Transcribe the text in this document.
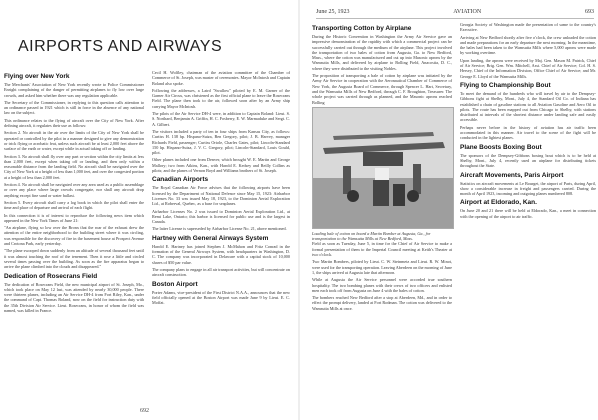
AIRPORTS AND AIRWAYS
Flying over New York
The Merchants' Association of New York recently wrote to Police Commissioner Enright complaining of the danger of permitting airplanes to fly low over large crowds, and asked him whether there was any regulation applicable.
The Secretary of the Commissioner, in replying to this question calls attention to an ordinance passed in 1921 which is still in force in the absence of any national law on the subject.
This ordinance relates to the flying of aircraft over the City of New York. After defining aircraft, it regulates their use as follows:
Section 2. No aircraft in the air over the limits of the City of New York shall be operated or controlled by the pilot in a manner designed to give any demonstration or trick flying or acrobatic feat, unless such aircraft be at least 2,000 feet above the surface of the earth or water, except while in actual taking off or landing.
Section 3. No aircraft shall fly over any part or section within the city limits at less than 2,000 feet, except when taking off or landing, and then only within a reasonable distance from the landing field. No aircraft shall be navigated over the City of New York at a height of less than 1,000 feet, and over the congested portion at a height of less than 2,000 feet.
Section 4. No aircraft shall be navigated over any area used as a public assemblage or over any place where large crowds congregate, nor shall any aircraft drop anything except fine sand or water ballast.
Section 5. Every aircraft shall carry a log book in which the pilot shall enter the time and place of departure and arrival of each flight.
In this connection it is of interest to reproduce the following news item which appeared in the New York Times of June 21:
"An airplane, flying so low over the Bronx that the roar of the exhaust drew the attention of the entire neighborhood to the building street where it was circling, was responsible for the discovery of fire in the basement house at Prospect Avenue and Crotona Park, early yesterday.
"The plane swooped down suddenly from an altitude of several thousand feet until it was almost touching the roof of the tenement. Then it rose a little and circled several times passing over the building. As soon as the fire apparatus began to arrive the plane climbed into the clouds and disappeared."
Dedication of Rosecrans Field
The dedication of Rosecrans Field, the new municipal airport of St. Joseph, Mo., which took place on May 12 last, was attended by nearly 30,000 people. There were thirteen planes, including an Air Service DH-4 from Fort Riley, Kan., under the command of Capt. Thomas Boland, now on the field for instruction duty with the 35th Division Air Service. Lieut. Rosecrans, in honor of whom the field was named, was killed in France.
Cecil H. Wolfley, chairman of the aviation committee of the Chamber of Commerce of St. Joseph, was master of ceremonies. Mayor McIntosh and Captain Boland also spoke.
Following the addresses, a Laird "Swallow" piloted by E. M. Garner of the Garner Air Circus, was christened as the first official plane to leave the Rosecrans Field. The plane then took to the air, followed soon after by an Army ship carrying Mayor McIntosh.
The pilots of the Air Service DH-4 were, in addition to Captain Boland: Lieut. S. S. Northard, Benjamin A. Griffin, H. C. Fosberry, E. W. Marmaduke and Sergt. C. A. Gilbert.
The visitors included a party of ten in four ships from Kansas City, as follows: Curtiss H. 138 hp. Hispano-Suiza, Ben Gregory, pilot; J. B. Harvey, manager Richards Field, passenger; Curtiss Oriole, Charles Gates, pilot; Lincoln-Standard 150 hp. Hispano-Suiza, J. V. C. Gregory, pilot; Lincoln-Standard, Louis Gould, pilot.
Other planes included one from Denver, which brought W. E. Martin and George Mallory; two from Atkins, Kan., with Harold E. Kedsey and Reilly Collins as pilots; and the planes of Vernon Boyd and Williams brothers of St. Joseph.
Canadian Airports
The Royal Canadian Air Force advises that the following airports have been licensed by the Department of National Defence since May 15, 1923: Airharbor Licenses No. 33 was issued May 18, 1923, to the Dominion Aerial Exploration Ltd., at Roberval, Quebec, as a base for seaplanes.
Airharbor Licenses No. 2 was issued to Dominion Aerial Exploration Ltd., at Remi Lake, Ontario; this harbor is licensed for public use and is the largest in Canada.
The latter License is superseded by Airharbor License No. 21, above mentioned.
Hartney with General Airways System
Harold E. Hartney has joined Stephen J. McMahon and Fritz Conrad in the formation of the General Airways System, with headquarters in Washington, D. C. The company was incorporated in Delaware with a capital stock of 10,000 shares of $50 par value.
The company plans to engage in all air transport activities, but will concentrate on aircraft construction.
Boston Airport
Porter Adams, vice-president of the First District N.A.A., announces that the new field officially opened at the Boston Airport was made June 9 by Lieut. E. C. Moffat.
692
June 25, 1923	AVIATION	693
Transporting Cotton by Airplane
During the Historic Convention in Washington the Army Air Service gave an impressive demonstration of the rapidity with which a commercial project can be successfully carried out through the medium of the airplane. This project involved the transportation of two bales of cotton from Augusta, Ga. to New Bedford, Mass., where the cotton was manufactured and cut up into Masonic aprons by the Wamsutta Mills, and delivered by airplane to Bolling Field, Anacostia, D. C., where they were distributed to the visiting Nobles.
The proposition of transporting a bale of cotton by airplane was initiated by the Army Air Service in cooperation with the Aeronautical Chamber of Commerce of New York, the Augusta Board of Commerce, through Spencer L. Hart, Secretary, and the Wamsutta Mills of New Bedford, through C. F. Broughton, Treasurer. The whole project was carried through as planned, and the Masonic aprons reached Bolling
Loading bale of cotton on board a Martin Bomber at Augusta, Ga., for transportation to the Wamsutta Mills at New Bedford, Mass.
Field as soon as Tuesday, June 5, in time for the Chief of Air Service to make a formal presentation of them to the Imperial Council meeting at Keith's Theater at two o'clock.
Two Martin Bombers, piloted by Lieut. C. W. Steinmetz and Lieut. R. W. Minot, were used for the transporting operation. Leaving Aberdeen on the morning of June 1, the ships arrived at Augusta late that afternoon.
While at Augusta the Air Service personnel were accorded true southern hospitality. The two bombing planes with their crews of two officers and enlisted men each took off from Augusta on June 4 with the bales of cotton.
The bombers reached New Bedford after a stop at Aberdeen, Md., and in order to effect the prompt delivery, landed at Fort Rodman. The cotton was delivered to the Wamsutta Mills at once.
Georgia Society of Washington made the presentation of same to the country's Executive.
Arriving at New Bedford shortly after five o'clock, the crew unloaded the cotton and made preparations for an early departure the next morning. In the meantime, the bales had been taken to the Wamsutta Mills where 5,000 aprons were made by working overtime.
Upon landing, the aprons were received by Maj. Gen. Mason M. Patrick, Chief of Air Service; Brig. Gen. Wm. Mitchell, Asst. Chief of Air Service; Col. H. S. Hersey, Chief of the Information Division, Office Chief of Air Service; and Mr. George E. Lloyd of the Wamsutta Mills.
Flying to Championship Bout
To meet the demand of the hundreds who will travel by air to the Dempsey-Gibbons fight at Shelby, Mont., July 4, the Standard Oil Co. of Indiana has established a chain of gasoline stations to all Aviation Gasoline and Aero Oil to pilots. The route has been mapped out from Chicago to Shelby, with stations distributed at intervals of the shortest distance under landing safe and easily accessible.
Perhaps never before in the history of aviation has air traffic been accommodated in this manner. Air travel to the scene of the fight will be conducted in the lightest planes.
Plane Boosts Boxing Bout
The sponsors of the Dempsey-Gibbons boxing bout which is to be held at Shelby, Mont., July 4, recently used an airplane for distributing tickets throughout the State.
Aircraft Movements, Paris Airport
Statistics on aircraft movements at Le Bourget, the airport of Paris, during April, show a considerable increase in freight and passengers carried. During the month of April 1923, incoming and outgoing planes numbered 808.
Airport at Eldorado, Kan.
On June 20 and 21 there will be held at Eldorado, Kan., a meet in connection with the opening of the airport to air traffic.
